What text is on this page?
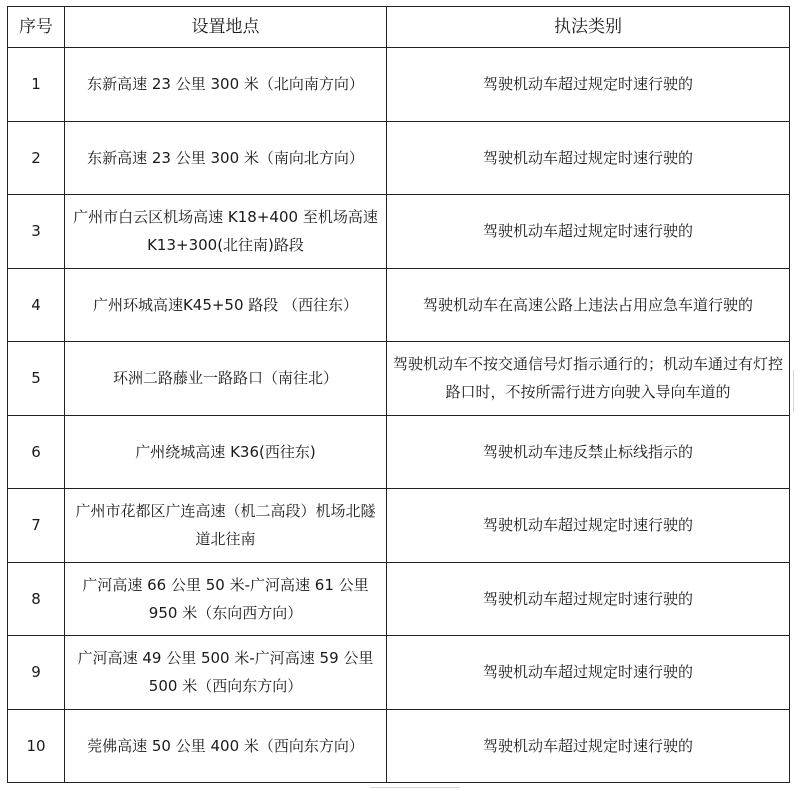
序号	设置地点	执法类别
1	东新高速 23 公里 300 米（北向南方向）	驾驶机动车超过规定时速行驶的
2	东新高速 23 公里 300 米（南向北方向）	驾驶机动车超过规定时速行驶的
3	广州市白云区机场高速 K18+400 至机场高速 K13+300(北往南)路段	驾驶机动车超过规定时速行驶的
4	广州环城高速K45+50 路段 （西往东）	驾驶机动车在高速公路上违法占用应急车道行驶的
5	环洲二路藤业一路路口（南往北）	驾驶机动车不按交通信号灯指示通行的；机动车通过有灯控路口时，不按所需行进方向驶入导向车道的
6	广州绕城高速 K36(西往东)	驾驶机动车违反禁止标线指示的
7	广州市花都区广连高速（机二高段）机场北隧道北往南	驾驶机动车超过规定时速行驶的
8	广河高速 66 公里 50 米-广河高速 61 公里 950 米（东向西方向）	驾驶机动车超过规定时速行驶的
9	广河高速 49 公里 500 米-广河高速 59 公里 500 米（西向东方向）	驾驶机动车超过规定时速行驶的
10	莞佛高速 50 公里 400 米（西向东方向）	驾驶机动车超过规定时速行驶的
